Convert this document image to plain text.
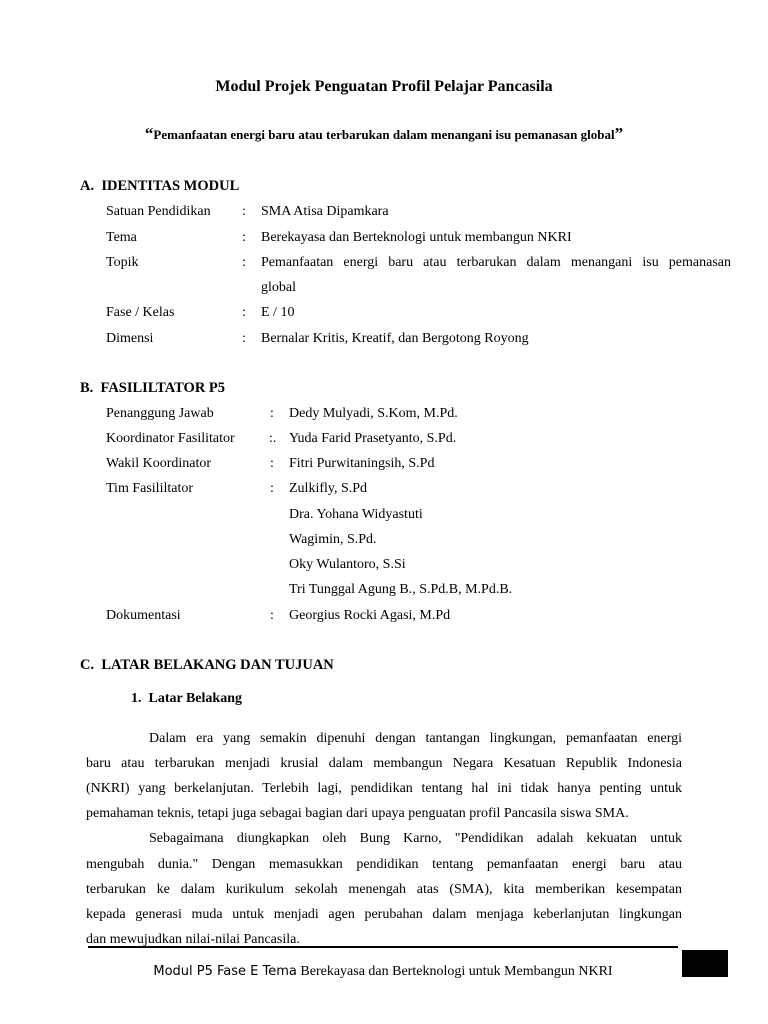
Modul Projek Penguatan Profil Pelajar Pancasila
“Pemanfaatan energi baru atau terbarukan dalam menangani isu pemanasan global”
A.  IDENTITAS MODUL
Satuan Pendidikan : SMA Atisa Dipamkara
Tema	: Berekayasa dan Berteknologi untuk membangun NKRI
Topik	: Pemanfaatan energi baru atau terbarukan dalam menangani isu pemanasan
global
Fase / Kelas	: E / 10
Dimensi	: Bernalar Kritis, Kreatif, dan Bergotong Royong
B.  FASILILTATOR P5
Penanggung Jawab	: Dedy Mulyadi, S.Kom, M.Pd.
Koordinator Fasilitator :. Yuda Farid Prasetyanto, S.Pd.
Wakil Koordinator	: Fitri Purwitaningsih, S.Pd
Tim Fasililtator	: Zulkifly, S.Pd
Dra. Yohana Widyastuti
Wagimin, S.Pd.
Oky Wulantoro, S.Si
Tri Tunggal Agung B., S.Pd.B, M.Pd.B.
Dokumentasi	: Georgius Rocki Agasi, M.Pd
C.  LATAR BELAKANG DAN TUJUAN
1.  Latar Belakang
Dalam era yang semakin dipenuhi dengan tantangan lingkungan, pemanfaatan energi
baru atau terbarukan menjadi krusial dalam membangun Negara Kesatuan Republik Indonesia
(NKRI) yang berkelanjutan. Terlebih lagi, pendidikan tentang hal ini tidak hanya penting untuk
pemahaman teknis, tetapi juga sebagai bagian dari upaya penguatan profil Pancasila siswa SMA.
Sebagaimana diungkapkan oleh Bung Karno, "Pendidikan adalah kekuatan untuk
mengubah dunia." Dengan memasukkan pendidikan tentang pemanfaatan energi baru atau
terbarukan ke dalam kurikulum sekolah menengah atas (SMA), kita memberikan kesempatan
kepada generasi muda untuk menjadi agen perubahan dalam menjaga keberlanjutan lingkungan
dan mewujudkan nilai-nilai Pancasila.
Modul P5 Fase E Tema Berekayasa dan Berteknologi untuk Membangun NKRI
